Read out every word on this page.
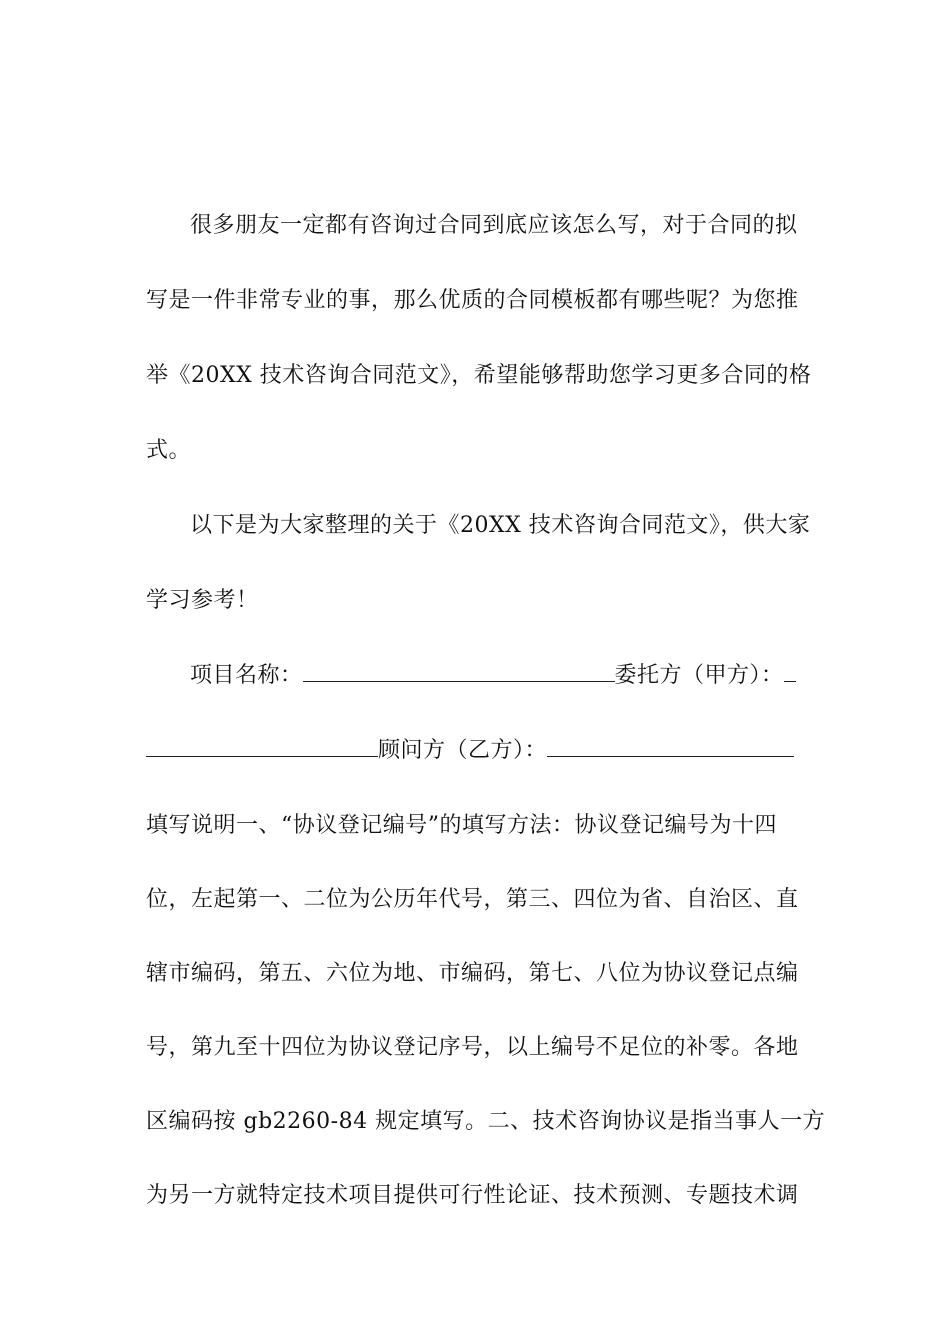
很多朋友一定都有咨询过合同到底应该怎么写，对于合同的拟
写是一件非常专业的事，那么优质的合同模板都有哪些呢？为您推
举《20XX 技术咨询合同范文》，希望能够帮助您学习更多合同的格
式。
以下是为大家整理的关于《20XX 技术咨询合同范文》，供大家
学习参考！
项目名称：	委托方（甲方）：
顾问方（乙方）：
填写说明一、“协议登记编号”的填写方法：协议登记编号为十四
位，左起第一、二位为公历年代号，第三、四位为省、自治区、直
辖市编码，第五、六位为地、市编码，第七、八位为协议登记点编
号，第九至十四位为协议登记序号，以上编号不足位的补零。各地
区编码按 gb2260-84 规定填写。二、技术咨询协议是指当事人一方
为另一方就特定技术项目提供可行性论证、技术预测、专题技术调
